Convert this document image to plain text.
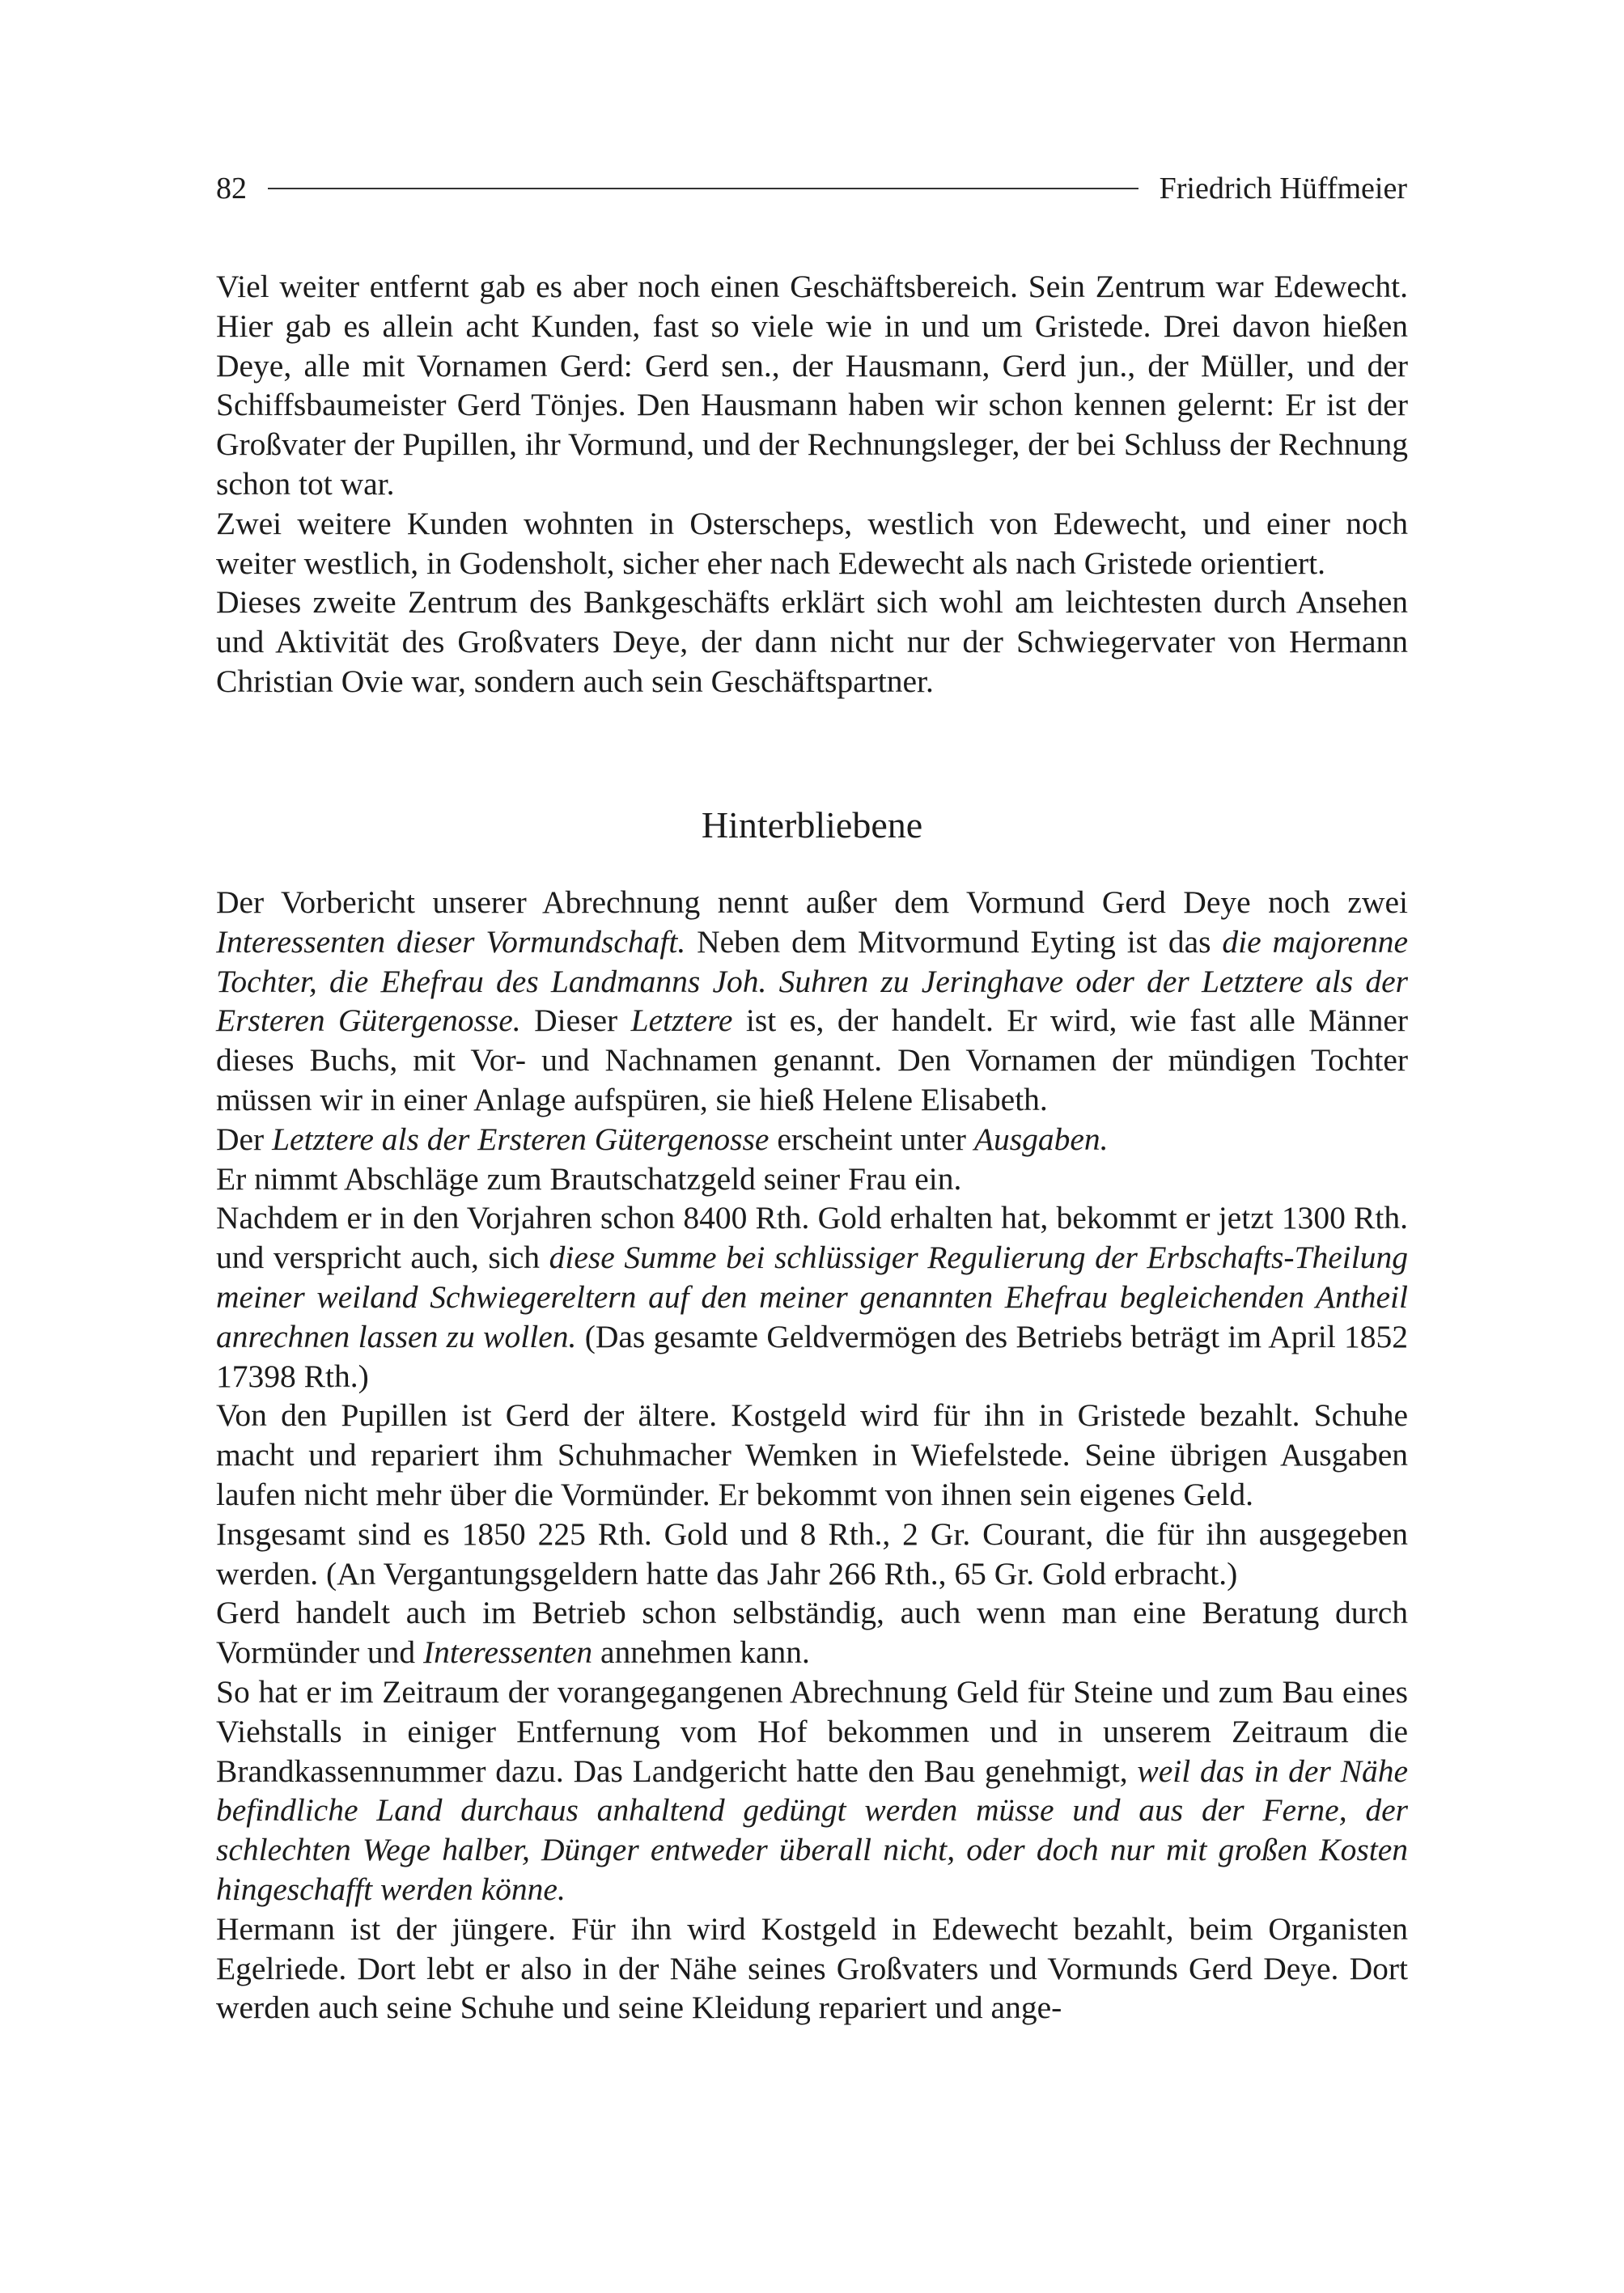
82	Friedrich Hüffmeier

Viel weiter entfernt gab es aber noch einen Geschäftsbereich. Sein Zentrum war Edewecht. Hier gab es allein acht Kunden, fast so viele wie in und um Gristede. Drei davon hießen Deye, alle mit Vornamen Gerd: Gerd sen., der Hausmann, Gerd jun., der Müller, und der Schiffsbaumeister Gerd Tönjes. Den Hausmann haben wir schon kennen gelernt: Er ist der Großvater der Pupillen, ihr Vormund, und der Rechnungsleger, der bei Schluss der Rechnung schon tot war.

Zwei weitere Kunden wohnten in Osterscheps, westlich von Edewecht, und einer noch weiter westlich, in Godensholt, sicher eher nach Edewecht als nach Gristede orientiert.

Dieses zweite Zentrum des Bankgeschäfts erklärt sich wohl am leichtesten durch Ansehen und Aktivität des Großvaters Deye, der dann nicht nur der Schwiegervater von Hermann Christian Ovie war, sondern auch sein Geschäftspartner.

Hinterbliebene

Der Vorbericht unserer Abrechnung nennt außer dem Vormund Gerd Deye noch zwei Interessenten dieser Vormundschaft. Neben dem Mitvormund Eyting ist das die majorenne Tochter, die Ehefrau des Landmanns Joh. Suhren zu Jeringhave oder der Letztere als der Ersteren Gütergenosse. Dieser Letztere ist es, der handelt. Er wird, wie fast alle Männer dieses Buchs, mit Vor- und Nachnamen genannt. Den Vornamen der mündigen Tochter müssen wir in einer Anlage aufspüren, sie hieß Helene Elisabeth.

Der Letztere als der Ersteren Gütergenosse erscheint unter Ausgaben.

Er nimmt Abschläge zum Brautschatzgeld seiner Frau ein.

Nachdem er in den Vorjahren schon 8400 Rth. Gold erhalten hat, bekommt er jetzt 1300 Rth. und verspricht auch, sich diese Summe bei schlüssiger Regulierung der Erbschafts-Theilung meiner weiland Schwiegereltern auf den meiner genannten Ehefrau begleichenden Antheil anrechnen lassen zu wollen. (Das gesamte Geldvermögen des Betriebs beträgt im April 1852 17398 Rth.)

Von den Pupillen ist Gerd der ältere. Kostgeld wird für ihn in Gristede bezahlt. Schuhe macht und repariert ihm Schuhmacher Wemken in Wiefelstede. Seine übrigen Ausgaben laufen nicht mehr über die Vormünder. Er bekommt von ihnen sein eigenes Geld.

Insgesamt sind es 1850 225 Rth. Gold und 8 Rth., 2 Gr. Courant, die für ihn ausgegeben werden. (An Vergantungsgeldern hatte das Jahr 266 Rth., 65 Gr. Gold erbracht.)

Gerd handelt auch im Betrieb schon selbständig, auch wenn man eine Beratung durch Vormünder und Interessenten annehmen kann.

So hat er im Zeitraum der vorangegangenen Abrechnung Geld für Steine und zum Bau eines Viehstalls in einiger Entfernung vom Hof bekommen und in unserem Zeitraum die Brandkassennummer dazu. Das Landgericht hatte den Bau genehmigt, weil das in der Nähe befindliche Land durchaus anhaltend gedüngt werden müsse und aus der Ferne, der schlechten Wege halber, Dünger entweder überall nicht, oder doch nur mit großen Kosten hingeschafft werden könne.

Hermann ist der jüngere. Für ihn wird Kostgeld in Edewecht bezahlt, beim Organisten Egelriede. Dort lebt er also in der Nähe seines Großvaters und Vormunds Gerd Deye. Dort werden auch seine Schuhe und seine Kleidung repariert und ange-
